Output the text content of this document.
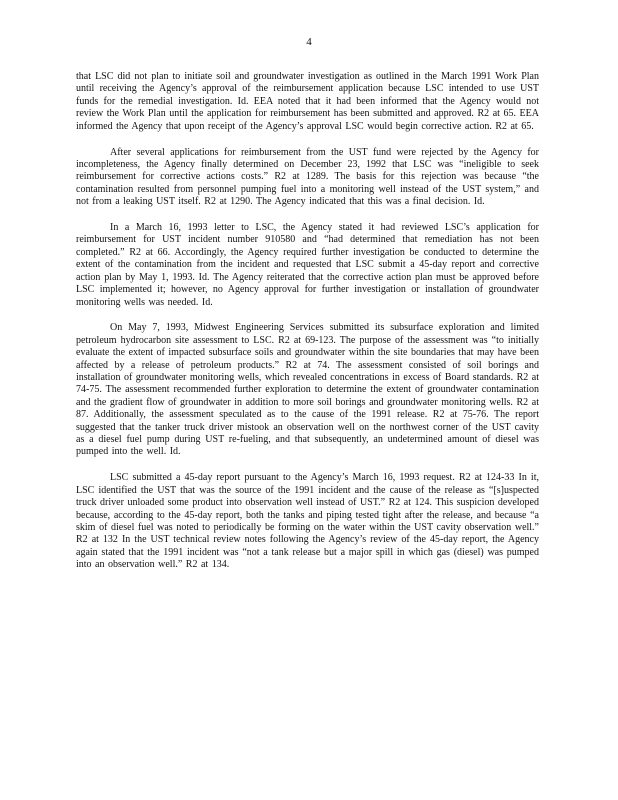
4

that LSC did not plan to initiate soil and groundwater investigation as outlined in the March 1991 Work Plan until receiving the Agency’s approval of the reimbursement application because LSC intended to use UST funds for the remedial investigation. Id. EEA noted that it had been informed that the Agency would not review the Work Plan until the application for reimbursement has been submitted and approved. R2 at 65. EEA informed the Agency that upon receipt of the Agency’s approval LSC would begin corrective action. R2 at 65.

After several applications for reimbursement from the UST fund were rejected by the Agency for incompleteness, the Agency finally determined on December 23, 1992 that LSC was “ineligible to seek reimbursement for corrective actions costs.” R2 at 1289. The basis for this rejection was because “the contamination resulted from personnel pumping fuel into a monitoring well instead of the UST system,” and not from a leaking UST itself. R2 at 1290. The Agency indicated that this was a final decision. Id.

In a March 16, 1993 letter to LSC, the Agency stated it had reviewed LSC’s application for reimbursement for UST incident number 910580 and “had determined that remediation has not been completed.” R2 at 66. Accordingly, the Agency required further investigation be conducted to determine the extent of the contamination from the incident and requested that LSC submit a 45-day report and corrective action plan by May 1, 1993. Id. The Agency reiterated that the corrective action plan must be approved before LSC implemented it; however, no Agency approval for further investigation or installation of groundwater monitoring wells was needed. Id.

On May 7, 1993, Midwest Engineering Services submitted its subsurface exploration and limited petroleum hydrocarbon site assessment to LSC. R2 at 69-123. The purpose of the assessment was “to initially evaluate the extent of impacted subsurface soils and groundwater within the site boundaries that may have been affected by a release of petroleum products.” R2 at 74. The assessment consisted of soil borings and installation of groundwater monitoring wells, which revealed concentrations in excess of Board standards. R2 at 74-75. The assessment recommended further exploration to determine the extent of groundwater contamination and the gradient flow of groundwater in addition to more soil borings and groundwater monitoring wells. R2 at 87. Additionally, the assessment speculated as to the cause of the 1991 release. R2 at 75-76. The report suggested that the tanker truck driver mistook an observation well on the northwest corner of the UST cavity as a diesel fuel pump during UST re-fueling, and that subsequently, an undetermined amount of diesel was pumped into the well. Id.

LSC submitted a 45-day report pursuant to the Agency’s March 16, 1993 request. R2 at 124-33 In it, LSC identified the UST that was the source of the 1991 incident and the cause of the release as “[s]uspected truck driver unloaded some product into observation well instead of UST.” R2 at 124. This suspicion developed because, according to the 45-day report, both the tanks and piping tested tight after the release, and because “a skim of diesel fuel was noted to periodically be forming on the water within the UST cavity observation well.” R2 at 132 In the UST technical review notes following the Agency’s review of the 45-day report, the Agency again stated that the 1991 incident was “not a tank release but a major spill in which gas (diesel) was pumped into an observation well.” R2 at 134.
